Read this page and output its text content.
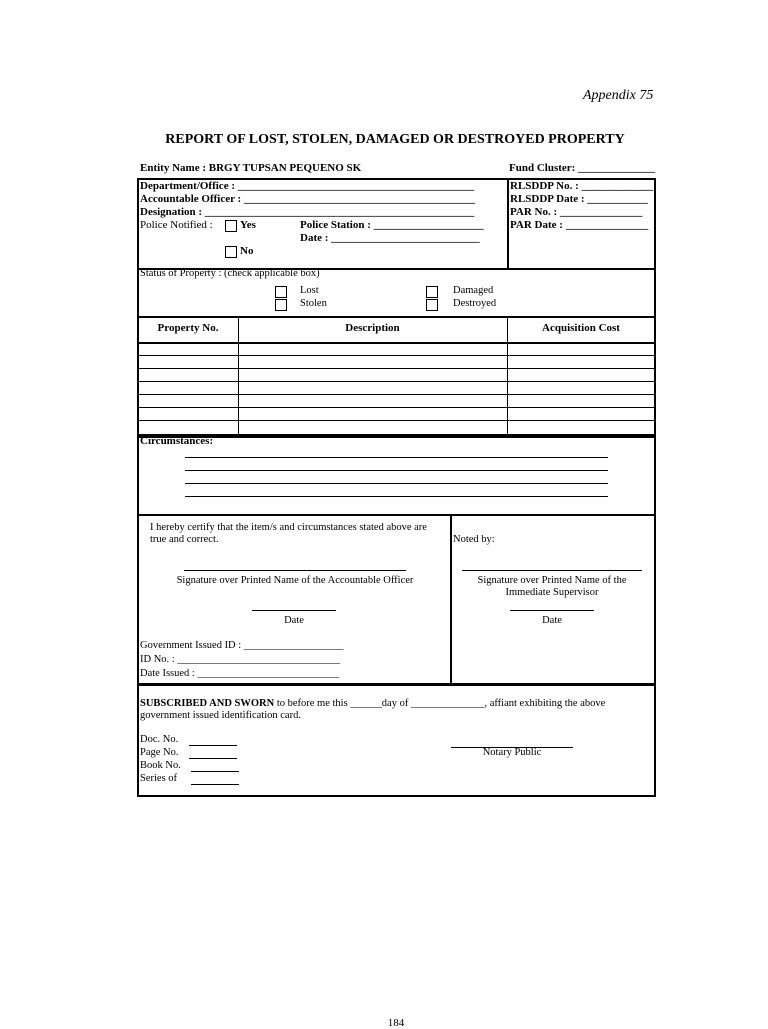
Appendix 75
REPORT OF LOST, STOLEN, DAMAGED OR DESTROYED PROPERTY
Entity Name : BRGY TUPSAN PEQUENO SK	Fund Cluster: ______________
Department/Office : ___________________________________________
Accountable Officer : __________________________________________
Designation : _________________________________________________
Police Notified : Yes
No
Police Station : ____________________
Date : ___________________________
RLSDDP No. : _____________
RLSDDP Date : ___________
PAR No. : _______________
PAR Date : _______________
Status of Property : (check applicable box)
Lost
Stolen
Damaged
Destroyed
Property No.	Description	Acquisition Cost
Circumstances:
I hereby certify that the item/s and circumstances stated above are
true and correct.
Signature over Printed Name of the Accountable Officer
Date
Government Issued ID : ___________________
ID No. : _______________________________
Date Issued : ___________________________
Noted by:
Signature over Printed Name of the
Immediate Supervisor
Date
SUBSCRIBED AND SWORN to before me this ______day of ______________, affiant exhibiting the above
government issued identification card.
Doc. No.
Page No.
Book No.
Series of
Notary Public
184
